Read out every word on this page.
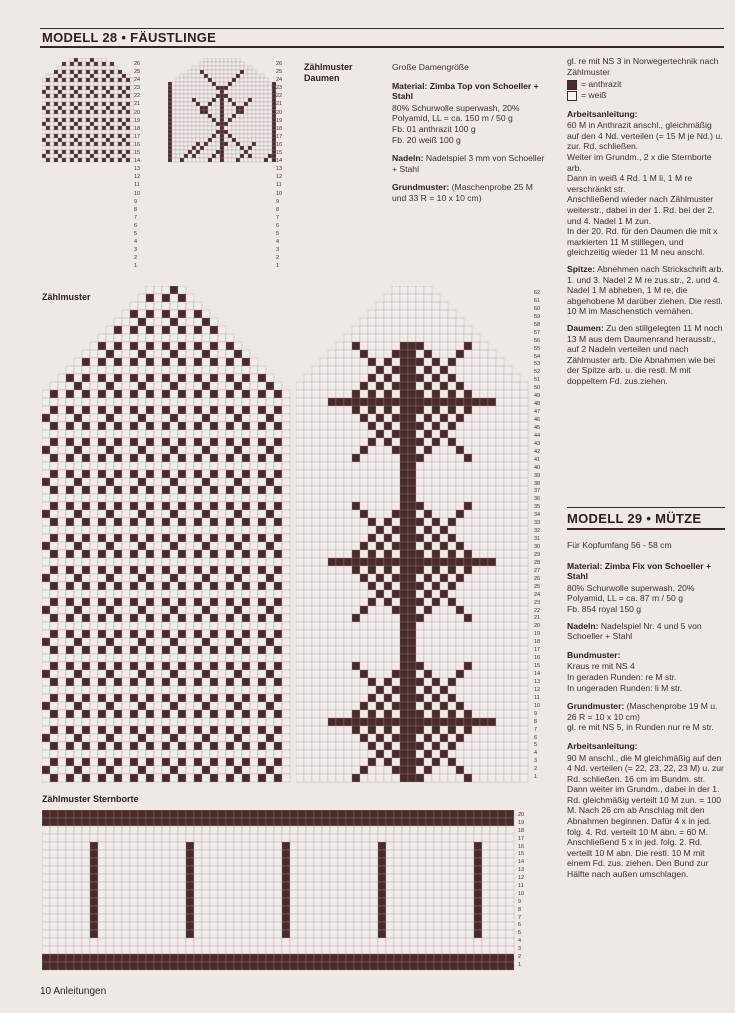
MODELL 28 • FÄUSTLINGE
26
25
24
23
22
21
20
19
18
17
16
15
14
13
12
11
10
9
8
7
6
5
4
3
2
1
26
25
24
23
22
21
20
19
18
17
16
15
14
13
12
11
10
9
8
7
6
5
4
3
2
1
Zählmuster
Daumen
Zählmuster	62
61
60
59
58
57
56
55
54
53
52
51
50
49
48
47
46
45
44
43
42
41
40
39
38
37
36
35
34
33
32
31
30
29
28
27
26
25
24
23
22
21
20
19
18
17
16
15
14
13
12
11
10
9
8
7
6
5
4
3
2
1
Zählmuster Sternborte
20
19
18
17
16
15
14
13
12
11
10
9
8
7
6
5
4
3
2
1

Große Damengröße

Material: Zimba Top von Schoeller + Stahl

80% Schurwolle superwash, 20% Polyamid, LL = ca. 150 m / 50 g
Fb. 01 anthrazit 100 g
Fb. 20 weiß 100 g

Nadeln: Nadelspiel 3 mm von Schoeller + Stahl

Grundmuster: (Maschenprobe 25 M und 33 R = 10 x 10 cm)

gl. re mit NS 3 in Norwegertechnik nach Zählmuster

= anthrazit
= weiß

Arbeitsanleitung:

60 M in Anthrazit anschl., gleichmäßig auf den 4 Nd. verteilen (= 15 M je Nd.) u. zur. Rd. schließen.
Weiter im Grundm., 2 x die Sternborte arb.
Dann in weiß 4 Rd. 1 M li, 1 M re verschränkt str.
Anschließend wieder nach Zählmuster weiterstr., dabei in der 1. Rd. bei der 2. und 4. Nadel 1 M zun.
In der 20. Rd. für den Daumen die mit x markierten 11 M stilllegen, und gleichzeitig wieder 11 M neu anschl.

Spitze: Abnehmen nach Strickschrift arb. 1. und 3. Nadel 2 M re zus.str., 2. und 4. Nadel 1 M abheben, 1 M re, die abgehobene M darüber ziehen. Die restl. 10 M im Maschenstich vernähen.

Daumen: Zu den stillgelegten 11 M noch 13 M aus dem Daumenrand herausstr., auf 2 Nadeln verteilen und nach Zählmuster arb. Die Abnahmen wie bei der Spitze arb. u. die restl. M mit doppeltem Fd. zus.ziehen.

MODELL 29 • MÜTZE

Für Kopfumfang 56 - 58 cm

Material: Zimba Fix von Schoeller + Stahl

80% Schurwolle superwash, 20% Polyamid, LL = ca. 87 m / 50 g
Fb. 854 royal 150 g

Nadeln: Nadelspiel Nr. 4 und 5 von Schoeller + Stahl

Bundmuster:

Kraus re mit NS 4
In geraden Runden: re M str.
In ungeraden Runden: li M str.

Grundmuster: (Maschenprobe 19 M u. 26 R = 10 x 10 cm)
gl. re mit NS 5, in Runden nur re M str.

Arbeitsanleitung:

90 M anschl., die M gleichmäßig auf den 4 Nd. verteilen (= 22, 23, 22, 23 M) u. zur Rd. schließen. 16 cm im Bundm. str. Dann weiter im Grundm., dabei in der 1. Rd. gleichmäßig verteilt 10 M zun. = 100 M. Nach 26 cm ab Anschlag mit den Abnahmen beginnen. Dafür 4 x in jed. folg. 4. Rd. verteilt 10 M abn. = 60 M. Anschließend 5 x in jed. folg. 2. Rd. verteilt 10 M abn. Die restl. 10 M mit einem Fd. zus. ziehen. Den Bund zur Hälfte nach außen umschlagen.

10 Anleitungen
